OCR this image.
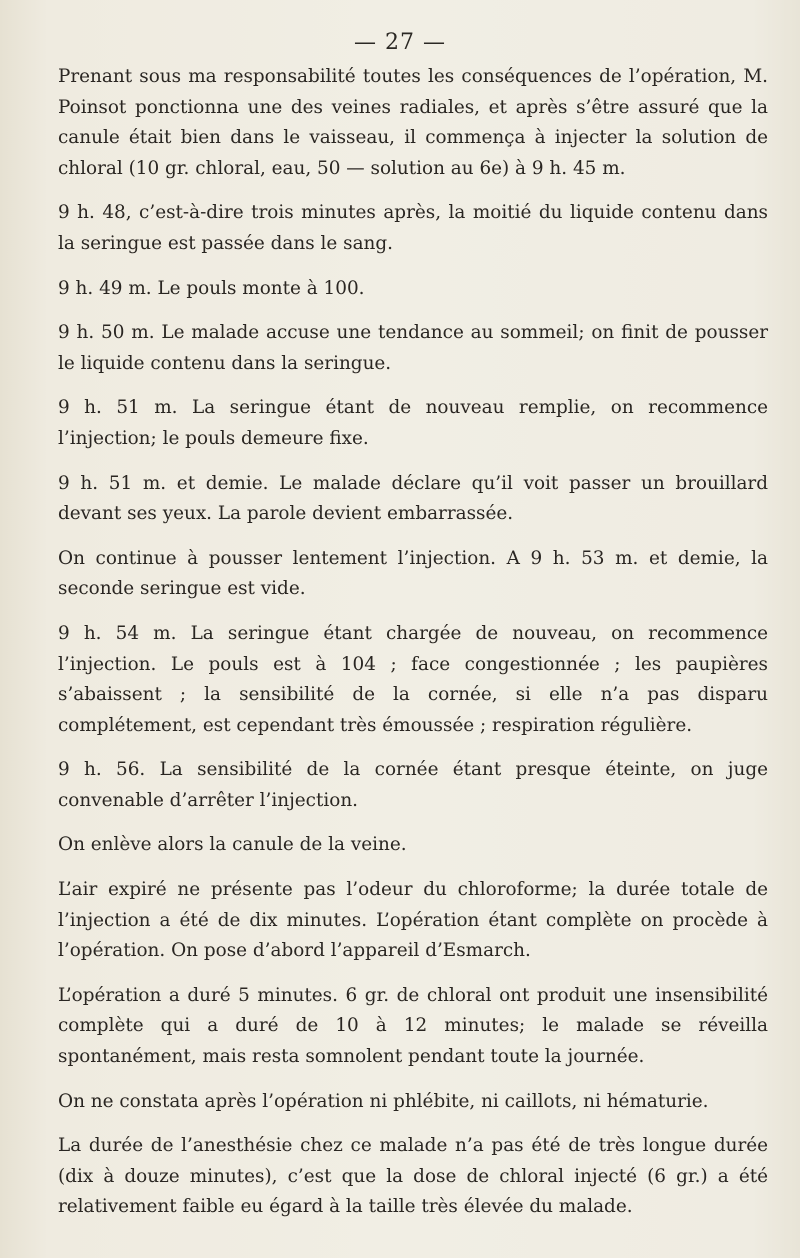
— 27 —

Prenant sous ma responsabilité toutes les conséquences de l’opération, M. Poinsot ponctionna une des veines radiales, et après s’être assuré que la canule était bien dans le vaisseau, il commença à injecter la solution de chloral (10 gr. chloral, eau, 50 — solution au 6e) à 9 h. 45 m.

9 h. 48, c’est-à-dire trois minutes après, la moitié du liquide contenu dans la seringue est passée dans le sang.

9 h. 49 m. Le pouls monte à 100.

9 h. 50 m. Le malade accuse une tendance au sommeil; on finit de pousser le liquide contenu dans la seringue.

9 h. 51 m. La seringue étant de nouveau remplie, on recommence l’injection; le pouls demeure fixe.

9 h. 51 m. et demie. Le malade déclare qu’il voit passer un brouillard devant ses yeux. La parole devient embarrassée.

On continue à pousser lentement l’injection. A 9 h. 53 m. et demie, la seconde seringue est vide.

9 h. 54 m. La seringue étant chargée de nouveau, on recommence l’injection. Le pouls est à 104 ; face congestionnée ; les paupières s’abaissent ; la sensibilité de la cornée, si elle n’a pas disparu complétement, est cependant très émoussée ; respiration régulière.

9 h. 56. La sensibilité de la cornée étant presque éteinte, on juge convenable d’arrêter l’injection.

On enlève alors la canule de la veine.

L’air expiré ne présente pas l’odeur du chloroforme; la durée totale de l’injection a été de dix minutes. L’opération étant complète on procède à l’opération. On pose d’abord l’appareil d’Esmarch.

L’opération a duré 5 minutes. 6 gr. de chloral ont produit une insensibilité complète qui a duré de 10 à 12 minutes; le malade se réveilla spontanément, mais resta somnolent pendant toute la journée.

On ne constata après l’opération ni phlébite, ni caillots, ni hématurie.

La durée de l’anesthésie chez ce malade n’a pas été de très longue durée (dix à douze minutes), c’est que la dose de chloral injecté (6 gr.) a été relativement faible eu égard à la taille très élevée du malade.
